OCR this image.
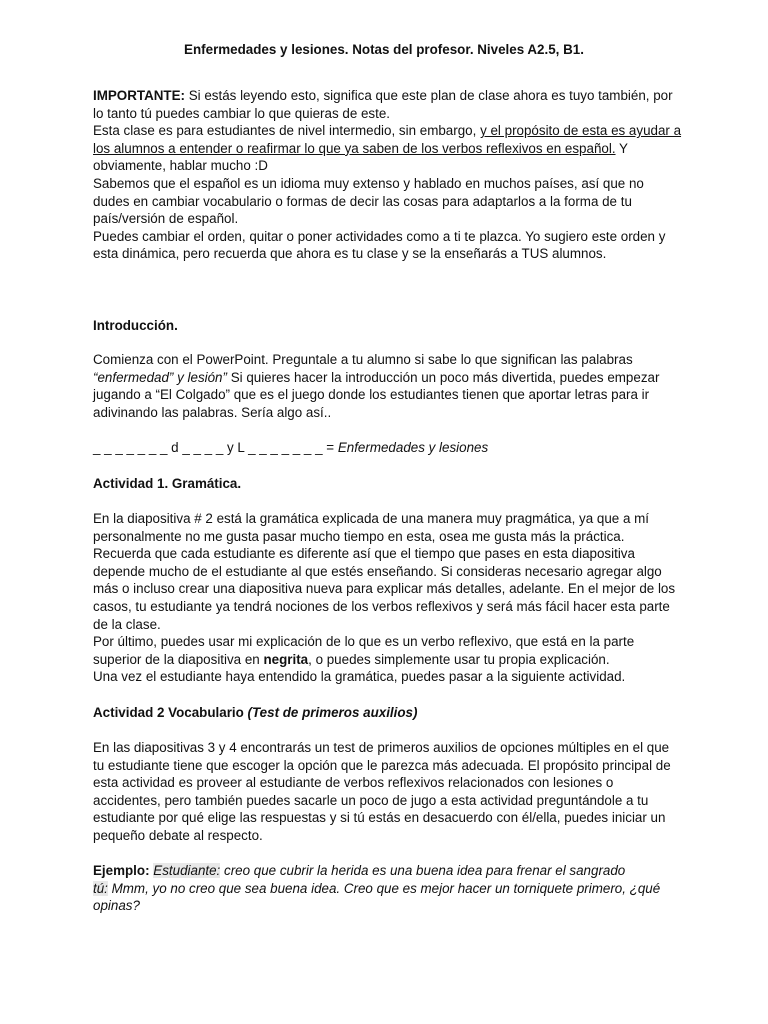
Enfermedades y lesiones. Notas del profesor. Niveles A2.5, B1.

IMPORTANTE: Si estás leyendo esto, significa que este plan de clase ahora es tuyo también, por lo tanto tú puedes cambiar lo que quieras de este.

Esta clase es para estudiantes de nivel intermedio, sin embargo, y el propósito de esta es ayudar a los alumnos a entender o reafirmar lo que ya saben de los verbos reflexivos en español. Y obviamente, hablar mucho :D

Sabemos que el español es un idioma muy extenso y hablado en muchos países, así que no dudes en cambiar vocabulario o formas de decir las cosas para adaptarlos a la forma de tu país/versión de español.

Puedes cambiar el orden, quitar o poner actividades como a ti te plazca. Yo sugiero este orden y esta dinámica, pero recuerda que ahora es tu clase y se la enseñarás a TUS alumnos.

Introducción.

Comienza con el PowerPoint. Preguntale a tu alumno si sabe lo que significan las palabras “enfermedad” y lesión” Si quieres hacer la introducción un poco más divertida, puedes empezar jugando a “El Colgado” que es el juego donde los estudiantes tienen que aportar letras para ir adivinando las palabras. Sería algo así..

_ _ _ _ _ _ _ d _ _ _ _ y L _ _ _ _ _ _ _ = Enfermedades y lesiones

Actividad 1. Gramática.

En la diapositiva # 2 está la gramática explicada de una manera muy pragmática, ya que a mí personalmente no me gusta pasar mucho tiempo en esta, osea me gusta más la práctica. Recuerda que cada estudiante es diferente así que el tiempo que pases en esta diapositiva depende mucho de el estudiante al que estés enseñando. Si consideras necesario agregar algo más o incluso crear una diapositiva nueva para explicar más detalles, adelante. En el mejor de los casos, tu estudiante ya tendrá nociones de los verbos reflexivos y será más fácil hacer esta parte de la clase.

Por último, puedes usar mi explicación de lo que es un verbo reflexivo, que está en la parte superior de la diapositiva en negrita, o puedes simplemente usar tu propia explicación.

Una vez el estudiante haya entendido la gramática, puedes pasar a la siguiente actividad.

Actividad 2 Vocabulario (Test de primeros auxilios)

En las diapositivas 3 y 4 encontrarás un test de primeros auxilios de opciones múltiples en el que tu estudiante tiene que escoger la opción que le parezca más adecuada. El propósito principal de esta actividad es proveer al estudiante de verbos reflexivos relacionados con lesiones o accidentes, pero también puedes sacarle un poco de jugo a esta actividad preguntándole a tu estudiante por qué elige las respuestas y si tú estás en desacuerdo con él/ella, puedes iniciar un pequeño debate al respecto.

Ejemplo: Estudiante: creo que cubrir la herida es una buena idea para frenar el sangrado

tú: Mmm, yo no creo que sea buena idea. Creo que es mejor hacer un torniquete primero, ¿qué opinas?
